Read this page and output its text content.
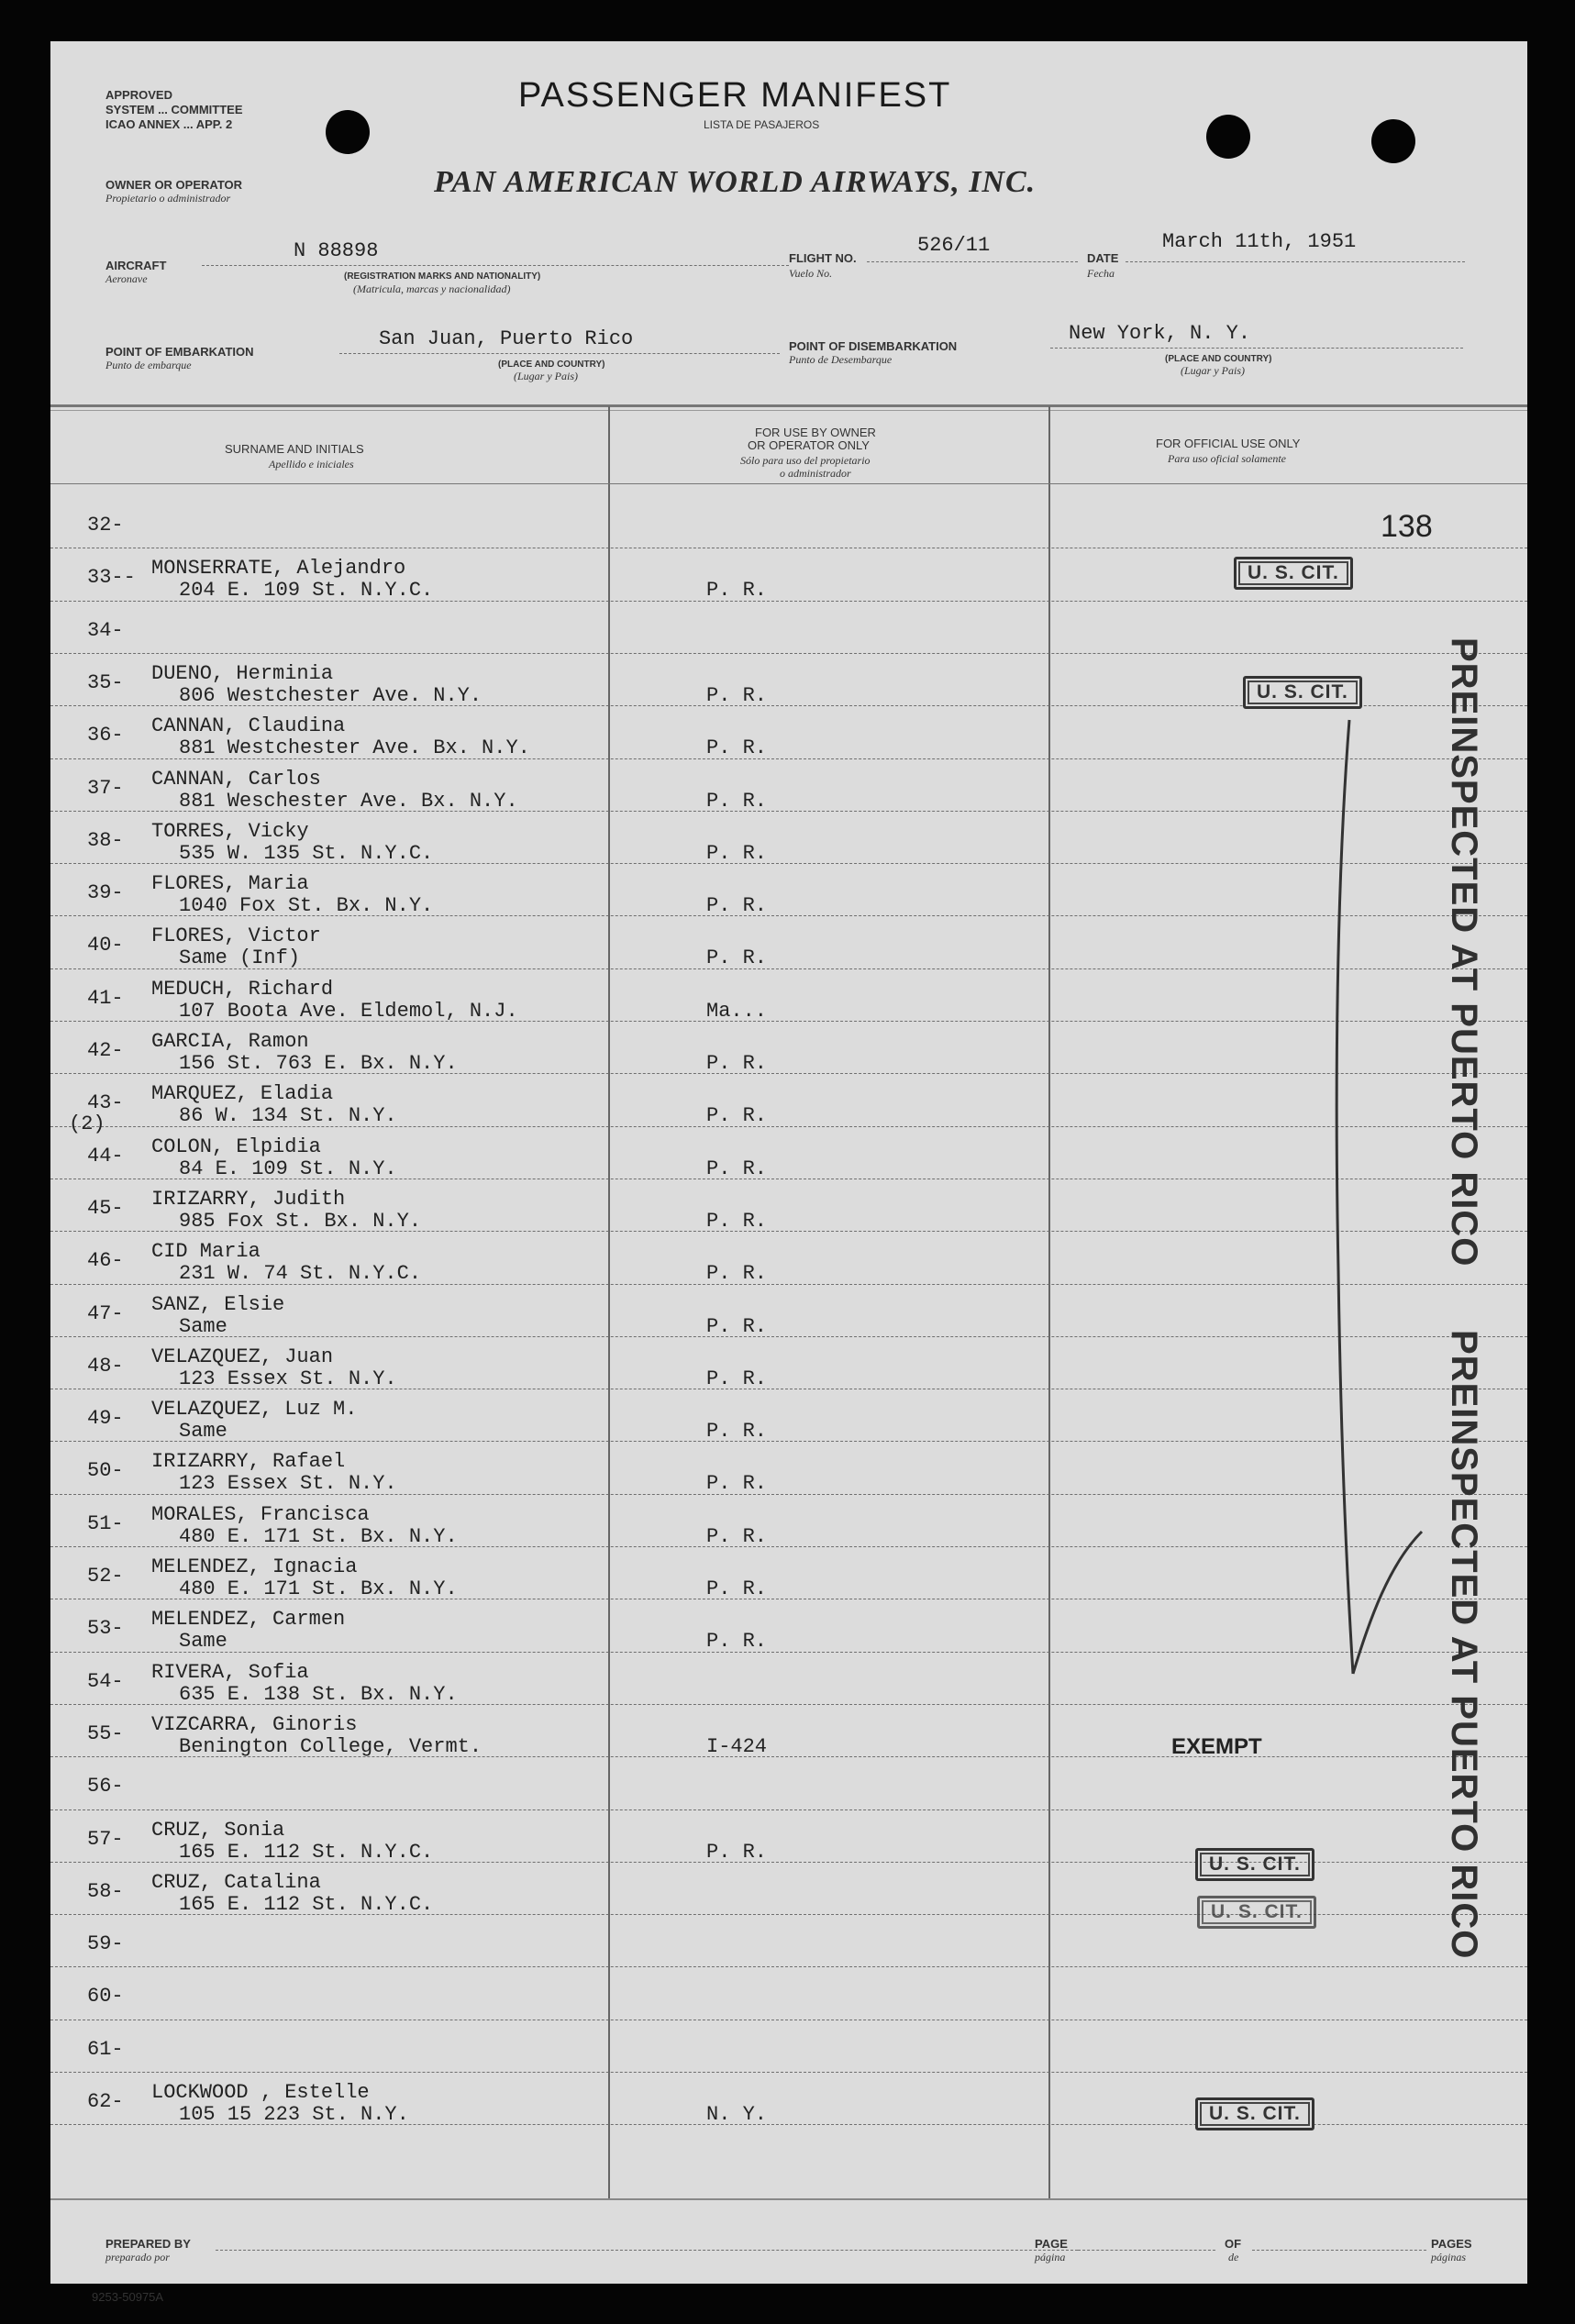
APPROVED
SYSTEM ... COMMITTEE
ICAO ANNEX ... APP. 2
PASSENGER MANIFEST
LISTA DE PASAJEROS
OWNER OR OPERATOR
Propietario o administrador	PAN AMERICAN WORLD AIRWAYS, INC.
AIRCRAFT
Aeronave
N 88898
(REGISTRATION MARKS AND NATIONALITY)
(Matricula, marcas y nacionalidad)
FLIGHT NO.
Vuelo No.
526/11
DATE
Fecha
March 11th, 1951
POINT OF EMBARKATION
Punto de embarque
San Juan, Puerto Rico
(PLACE AND COUNTRY)
(Lugar y Pais)
POINT OF DISEMBARKATION
Punto de Desembarque
New York, N. Y.
(PLACE AND COUNTRY)
(Lugar y Pais)
SURNAME AND INITIALS
Apellido e iniciales
FOR USE BY OWNER
OR OPERATOR ONLY
Sólo para uso del propietario
o administrador
FOR OFFICIAL USE ONLY
Para uso oficial solamente
138
32-
33-- MONSERRATE, Alejandro
204 E. 109 St. N.Y.C.	P. R.
34-
35- DUENO, Herminia
806 Westchester Ave. N.Y.	P. R.
36- CANNAN, Claudina
881 Westchester Ave. Bx. N.Y.	P. R.
37- CANNAN, Carlos
881 Weschester Ave. Bx. N.Y.	P. R.
38- TORRES, Vicky
535 W. 135 St. N.Y.C.	P. R.
39- FLORES, Maria
1040 Fox St. Bx. N.Y.	P. R.
40- FLORES, Victor
Same (Inf)	P. R.
41- MEDUCH, Richard
107 Boota Ave. Eldemol, N.J.	Ma...
42- GARCIA, Ramon
156 St. 763 E. Bx. N.Y.	P. R.
43- MARQUEZ, Eladia
86 W. 134 St. N.Y.	P. R.
44- COLON, Elpidia
84 E. 109 St. N.Y.	P. R.
45- IRIZARRY, Judith
985 Fox St. Bx. N.Y.	P. R.
46- CID Maria
231 W. 74 St. N.Y.C.	P. R.
47- SANZ, Elsie
Same	P. R.
48- VELAZQUEZ, Juan
123 Essex St. N.Y.	P. R.
49- VELAZQUEZ, Luz M.
Same	P. R.
50- IRIZARRY, Rafael
123 Essex St. N.Y.	P. R.
51- MORALES, Francisca
480 E. 171 St. Bx. N.Y.	P. R.
52- MELENDEZ, Ignacia
480 E. 171 St. Bx. N.Y.	P. R.
53- MELENDEZ, Carmen
Same	P. R.
54- RIVERA, Sofia
635 E. 138 St. Bx. N.Y.
55- VIZCARRA, Ginoris
Benington College, Vermt.	I-424
56-
57- CRUZ, Sonia
165 E. 112 St. N.Y.C.	P. R.
58- CRUZ, Catalina
165 E. 112 St. N.Y.C.
59-
60-
61-
62- LOCKWOOD , Estelle
105 15 223 St. N.Y.	N. Y.
(2)
U. S. CIT.
U. S. CIT.
U. S. CIT.
U. S. CIT.
U. S. CIT.
EXEMPT
PREINSPECTED AT PUERTO RICO
PREINSPECTED AT PUERTO RICO
PREPARED BY
preparado por
PAGE
página
OF
de
PAGES
páginas
9253-50975A
